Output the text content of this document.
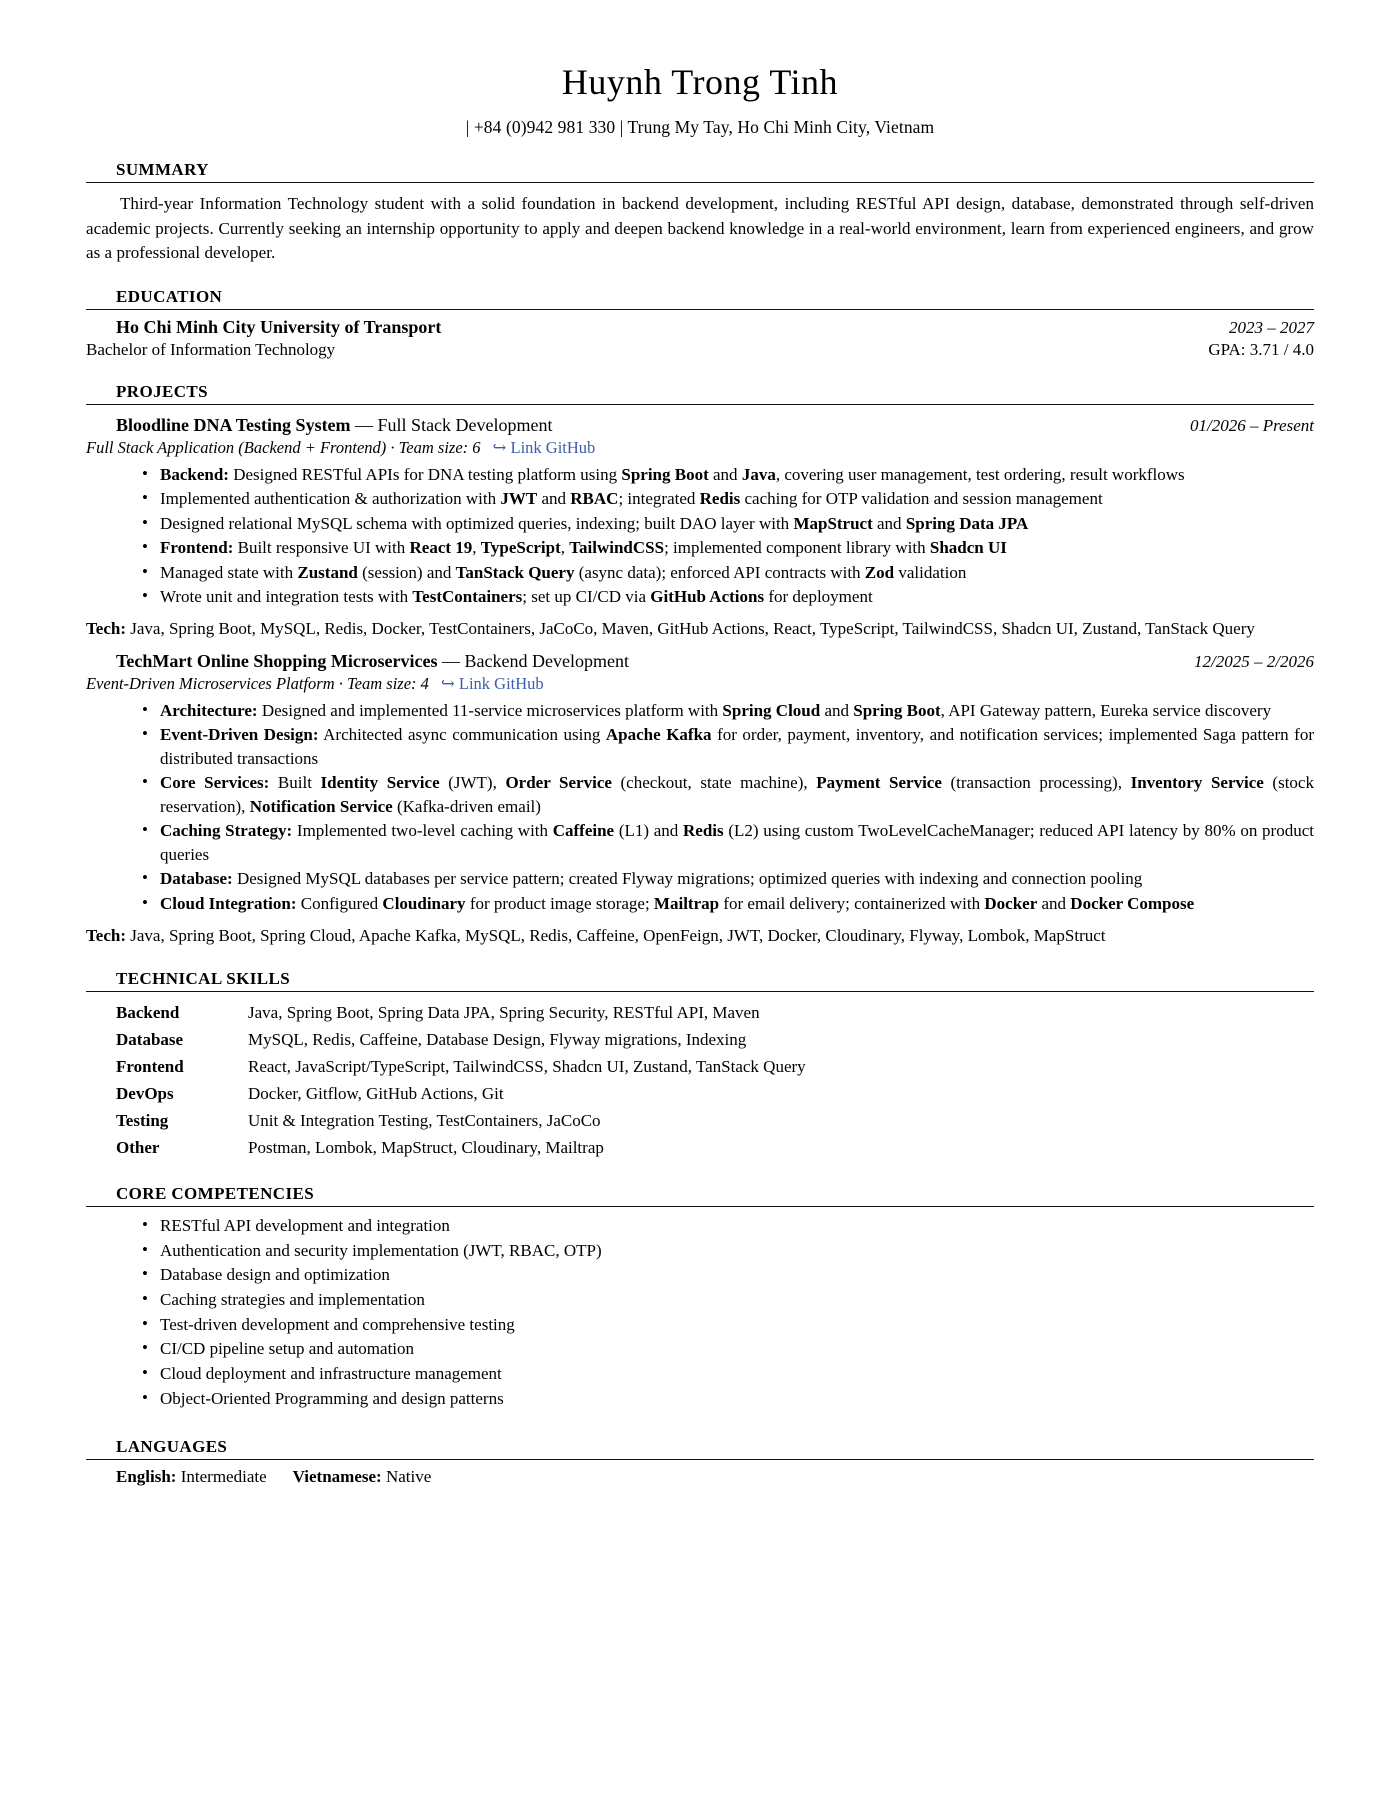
Huynh Trong Tinh
| +84 (0)942 981 330 | Trung My Tay, Ho Chi Minh City, Vietnam
SUMMARY
Third-year Information Technology student with a solid foundation in backend development, including RESTful API design, database, demonstrated through self-driven academic projects. Currently seeking an internship opportunity to apply and deepen backend knowledge in a real-world environment, learn from experienced engineers, and grow as a professional developer.
EDUCATION
Ho Chi Minh City University of Transport	2023 – 2027
Bachelor of Information Technology	GPA: 3.71 / 4.0
PROJECTS
Bloodline DNA Testing System — Full Stack Development	01/2026 – Present
Full Stack Application (Backend + Frontend) · Team size: 6 ↪ Link GitHub
• Backend: Designed RESTful APIs for DNA testing platform using Spring Boot and Java, covering user management, test ordering, result workflows
• Implemented authentication & authorization with JWT and RBAC; integrated Redis caching for OTP validation and session management
• Designed relational MySQL schema with optimized queries, indexing; built DAO layer with MapStruct and Spring Data JPA
• Frontend: Built responsive UI with React 19, TypeScript, TailwindCSS; implemented component library with Shadcn UI
• Managed state with Zustand (session) and TanStack Query (async data); enforced API contracts with Zod validation
• Wrote unit and integration tests with TestContainers; set up CI/CD via GitHub Actions for deployment
Tech: Java, Spring Boot, MySQL, Redis, Docker, TestContainers, JaCoCo, Maven, GitHub Actions, React, TypeScript, TailwindCSS, Shadcn UI, Zustand, TanStack Query
TechMart Online Shopping Microservices — Backend Development	12/2025 – 2/2026
Event-Driven Microservices Platform · Team size: 4 ↪ Link GitHub
• Architecture: Designed and implemented 11-service microservices platform with Spring Cloud and Spring Boot, API Gateway pattern, Eureka service discovery
• Event-Driven Design: Architected async communication using Apache Kafka for order, payment, inventory, and notification services; implemented Saga pattern for distributed transactions
• Core Services: Built Identity Service (JWT), Order Service (checkout, state machine), Payment Service (transaction processing), Inventory Service (stock reservation), Notification Service (Kafka-driven email)
• Caching Strategy: Implemented two-level caching with Caffeine (L1) and Redis (L2) using custom TwoLevelCacheManager; reduced API latency by 80% on product queries
• Database: Designed MySQL databases per service pattern; created Flyway migrations; optimized queries with indexing and connection pooling
• Cloud Integration: Configured Cloudinary for product image storage; Mailtrap for email delivery; containerized with Docker and Docker Compose
Tech: Java, Spring Boot, Spring Cloud, Apache Kafka, MySQL, Redis, Caffeine, OpenFeign, JWT, Docker, Cloudinary, Flyway, Lombok, MapStruct
TECHNICAL SKILLS
Backend	Java, Spring Boot, Spring Data JPA, Spring Security, RESTful API, Maven
Database	MySQL, Redis, Caffeine, Database Design, Flyway migrations, Indexing
Frontend	React, JavaScript/TypeScript, TailwindCSS, Shadcn UI, Zustand, TanStack Query
DevOps	Docker, Gitflow, GitHub Actions, Git
Testing	Unit & Integration Testing, TestContainers, JaCoCo
Other	Postman, Lombok, MapStruct, Cloudinary, Mailtrap
CORE COMPETENCIES
• RESTful API development and integration
• Authentication and security implementation (JWT, RBAC, OTP)
• Database design and optimization
• Caching strategies and implementation
• Test-driven development and comprehensive testing
• CI/CD pipeline setup and automation
• Cloud deployment and infrastructure management
• Object-Oriented Programming and design patterns
LANGUAGES
English: Intermediate Vietnamese: Native
